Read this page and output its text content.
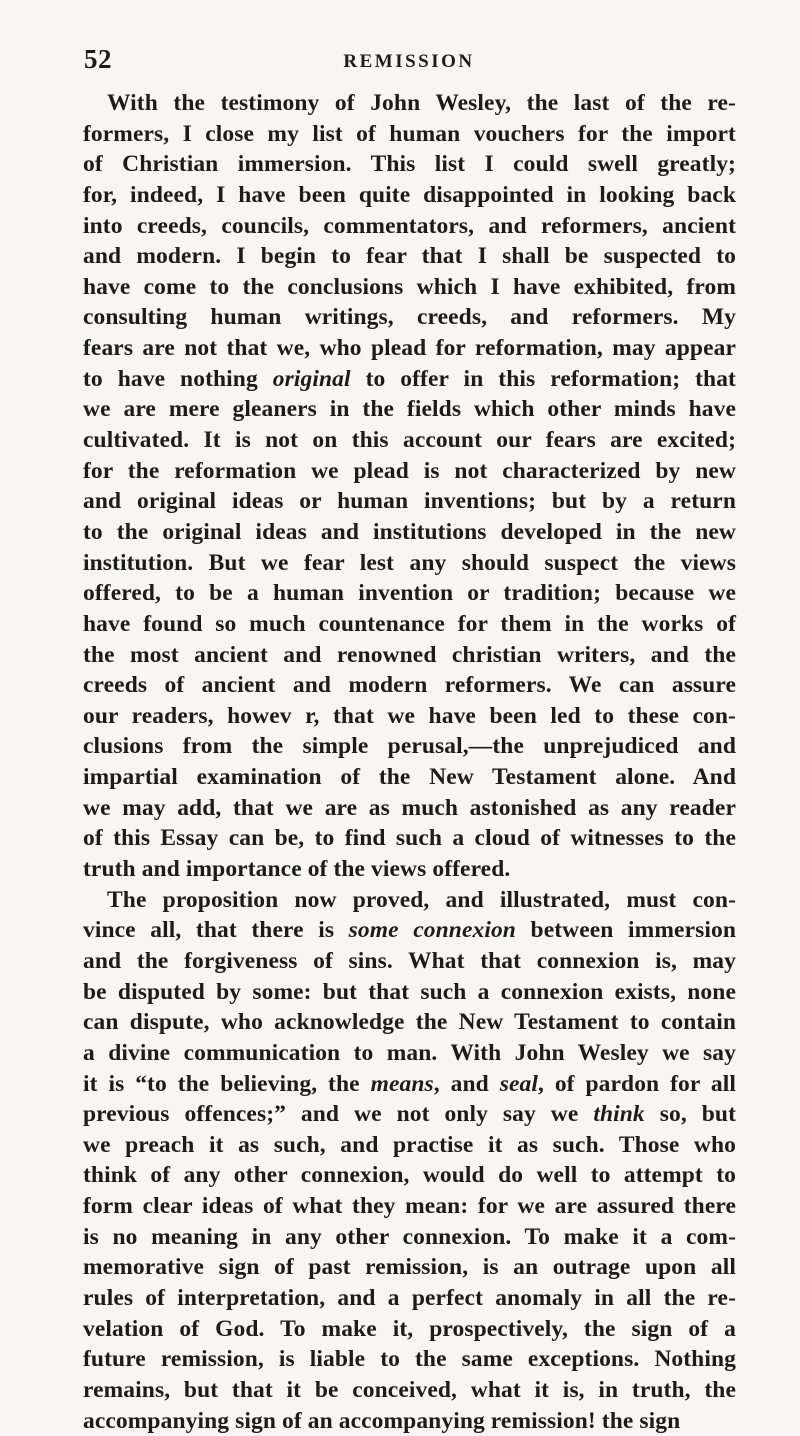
52	REMISSION
With the testimony of John Wesley, the last of the re-
formers, I close my list of human vouchers for the import
of Christian immersion. This list I could swell greatly;
for, indeed, I have been quite disappointed in looking back
into creeds, councils, commentators, and reformers, ancient
and modern. I begin to fear that I shall be suspected to
have come to the conclusions which I have exhibited, from
consulting human writings, creeds, and reformers. My
fears are not that we, who plead for reformation, may appear
to have nothing original to offer in this reformation; that
we are mere gleaners in the fields which other minds have
cultivated. It is not on this account our fears are excited;
for the reformation we plead is not characterized by new
and original ideas or human inventions; but by a return
to the original ideas and institutions developed in the new
institution. But we fear lest any should suspect the views
offered, to be a human invention or tradition; because we
have found so much countenance for them in the works of
the most ancient and renowned christian writers, and the
creeds of ancient and modern reformers. We can assure
our readers, howev r, that we have been led to these con-
clusions from the simple perusal,—the unprejudiced and
impartial examination of the New Testament alone. And
we may add, that we are as much astonished as any reader
of this Essay can be, to find such a cloud of witnesses to the
truth and importance of the views offered.
The proposition now proved, and illustrated, must con-
vince all, that there is some connexion between immersion
and the forgiveness of sins. What that connexion is, may
be disputed by some: but that such a connexion exists, none
can dispute, who acknowledge the New Testament to contain
a divine communication to man. With John Wesley we say
it is “to the believing, the means, and seal, of pardon for all
previous offences;” and we not only say we think so, but
we preach it as such, and practise it as such. Those who
think of any other connexion, would do well to attempt to
form clear ideas of what they mean: for we are assured there
is no meaning in any other connexion. To make it a com-
memorative sign of past remission, is an outrage upon all
rules of interpretation, and a perfect anomaly in all the re-
velation of God. To make it, prospectively, the sign of a
future remission, is liable to the same exceptions. Nothing
remains, but that it be conceived, what it is, in truth, the
accompanying sign of an accompanying remission! the sign
